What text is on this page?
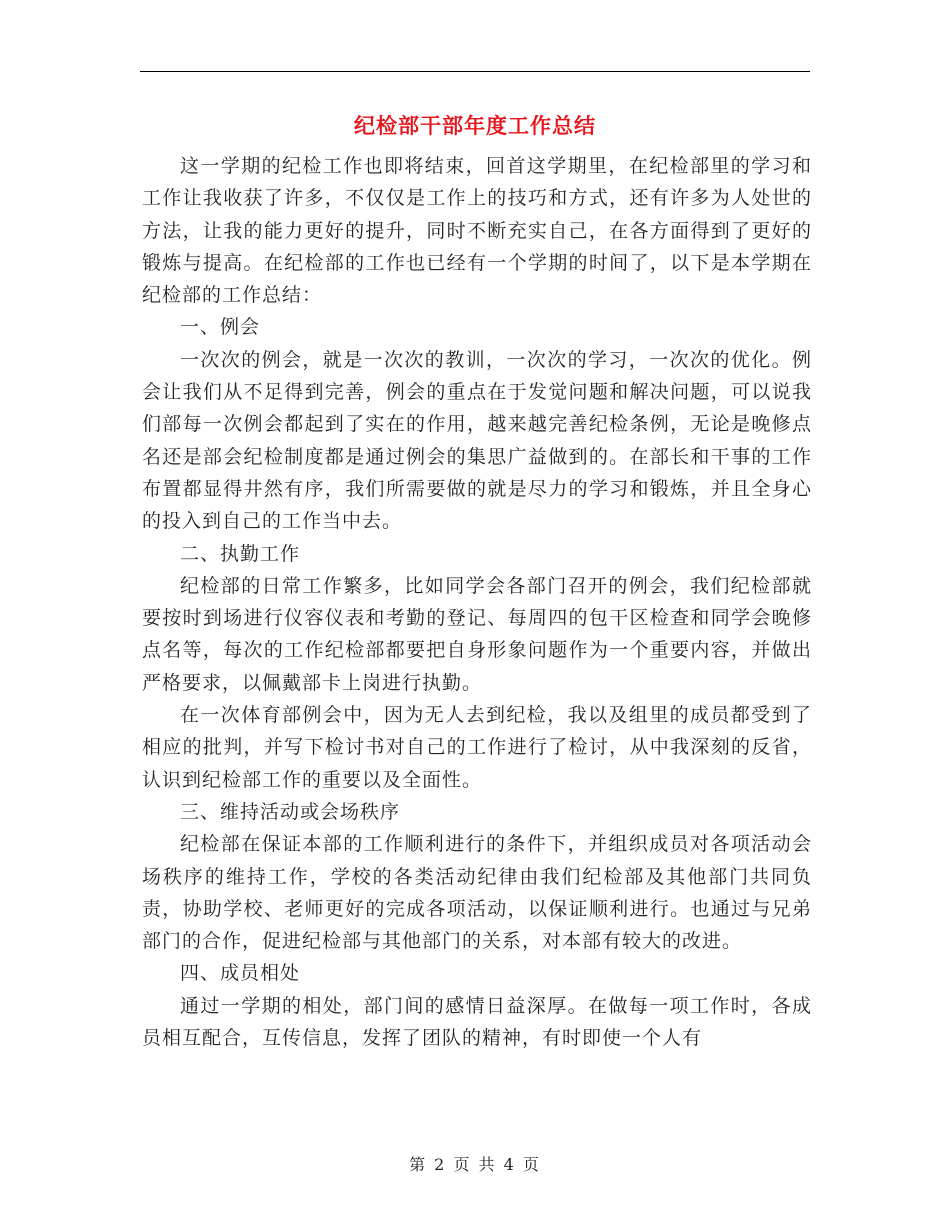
纪检部干部年度工作总结

这一学期的纪检工作也即将结束，回首这学期里，在纪检部里的学习和工作让我收获了许多，不仅仅是工作上的技巧和方式，还有许多为人处世的方法，让我的能力更好的提升，同时不断充实自己，在各方面得到了更好的锻炼与提高。在纪检部的工作也已经有一个学期的时间了，以下是本学期在纪检部的工作总结：

一、例会

一次次的例会，就是一次次的教训，一次次的学习，一次次的优化。例会让我们从不足得到完善，例会的重点在于发觉问题和解决问题，可以说我们部每一次例会都起到了实在的作用，越来越完善纪检条例，无论是晚修点名还是部会纪检制度都是通过例会的集思广益做到的。在部长和干事的工作布置都显得井然有序，我们所需要做的就是尽力的学习和锻炼，并且全身心的投入到自己的工作当中去。

二、执勤工作

纪检部的日常工作繁多，比如同学会各部门召开的例会，我们纪检部就要按时到场进行仪容仪表和考勤的登记、每周四的包干区检查和同学会晚修点名等，每次的工作纪检部都要把自身形象问题作为一个重要内容，并做出严格要求，以佩戴部卡上岗进行执勤。

在一次体育部例会中，因为无人去到纪检，我以及组里的成员都受到了相应的批判，并写下检讨书对自己的工作进行了检讨，从中我深刻的反省，认识到纪检部工作的重要以及全面性。

三、维持活动或会场秩序

纪检部在保证本部的工作顺利进行的条件下，并组织成员对各项活动会场秩序的维持工作，学校的各类活动纪律由我们纪检部及其他部门共同负责，协助学校、老师更好的完成各项活动，以保证顺利进行。也通过与兄弟部门的合作，促进纪检部与其他部门的关系，对本部有较大的改进。

四、成员相处

通过一学期的相处，部门间的感情日益深厚。在做每一项工作时，各成员相互配合，互传信息，发挥了团队的精神，有时即使一个人有

第 2 页 共 4 页
